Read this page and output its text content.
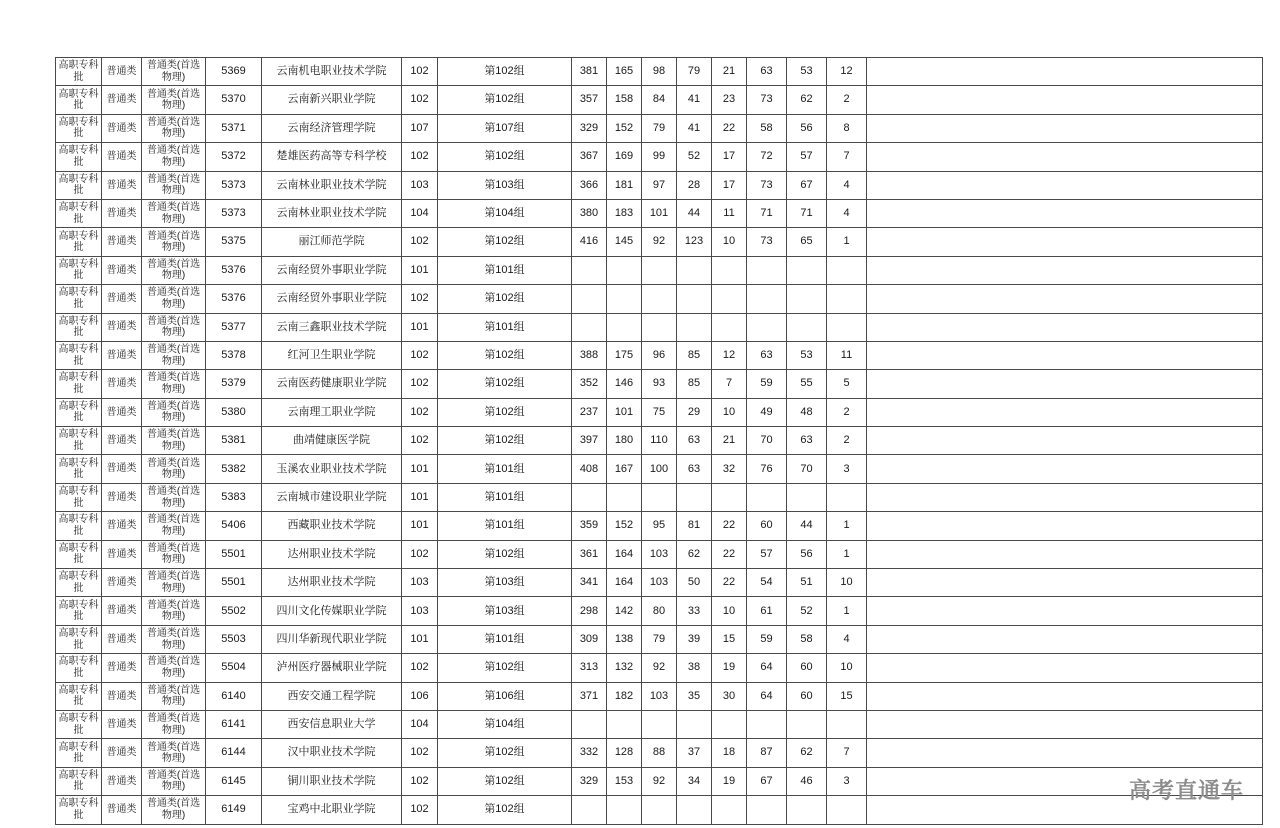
高职专科批	普通类	普通类(首选物理)	5369	云南机电职业技术学院	102	第102组	381	165	98	79	21	63	53	12	
高职专科批	普通类	普通类(首选物理)	5370	云南新兴职业学院	102	第102组	357	158	84	41	23	73	62	2	
高职专科批	普通类	普通类(首选物理)	5371	云南经济管理学院	107	第107组	329	152	79	41	22	58	56	8	
高职专科批	普通类	普通类(首选物理)	5372	楚雄医药高等专科学校	102	第102组	367	169	99	52	17	72	57	7	
高职专科批	普通类	普通类(首选物理)	5373	云南林业职业技术学院	103	第103组	366	181	97	28	17	73	67	4	
高职专科批	普通类	普通类(首选物理)	5373	云南林业职业技术学院	104	第104组	380	183	101	44	11	71	71	4	
高职专科批	普通类	普通类(首选物理)	5375	丽江师范学院	102	第102组	416	145	92	123	10	73	65	1	
高职专科批	普通类	普通类(首选物理)	5376	云南经贸外事职业学院	101	第101组									
高职专科批	普通类	普通类(首选物理)	5376	云南经贸外事职业学院	102	第102组									
高职专科批	普通类	普通类(首选物理)	5377	云南三鑫职业技术学院	101	第101组									
高职专科批	普通类	普通类(首选物理)	5378	红河卫生职业学院	102	第102组	388	175	96	85	12	63	53	11	
高职专科批	普通类	普通类(首选物理)	5379	云南医药健康职业学院	102	第102组	352	146	93	85	7	59	55	5	
高职专科批	普通类	普通类(首选物理)	5380	云南理工职业学院	102	第102组	237	101	75	29	10	49	48	2	
高职专科批	普通类	普通类(首选物理)	5381	曲靖健康医学院	102	第102组	397	180	110	63	21	70	63	2	
高职专科批	普通类	普通类(首选物理)	5382	玉溪农业职业技术学院	101	第101组	408	167	100	63	32	76	70	3	
高职专科批	普通类	普通类(首选物理)	5383	云南城市建设职业学院	101	第101组									
高职专科批	普通类	普通类(首选物理)	5406	西藏职业技术学院	101	第101组	359	152	95	81	22	60	44	1	
高职专科批	普通类	普通类(首选物理)	5501	达州职业技术学院	102	第102组	361	164	103	62	22	57	56	1	
高职专科批	普通类	普通类(首选物理)	5501	达州职业技术学院	103	第103组	341	164	103	50	22	54	51	10	
高职专科批	普通类	普通类(首选物理)	5502	四川文化传媒职业学院	103	第103组	298	142	80	33	10	61	52	1	
高职专科批	普通类	普通类(首选物理)	5503	四川华新现代职业学院	101	第101组	309	138	79	39	15	59	58	4	
高职专科批	普通类	普通类(首选物理)	5504	泸州医疗器械职业学院	102	第102组	313	132	92	38	19	64	60	10	
高职专科批	普通类	普通类(首选物理)	6140	西安交通工程学院	106	第106组	371	182	103	35	30	64	60	15	
高职专科批	普通类	普通类(首选物理)	6141	西安信息职业大学	104	第104组									
高职专科批	普通类	普通类(首选物理)	6144	汉中职业技术学院	102	第102组	332	128	88	37	18	87	62	7	
高职专科批	普通类	普通类(首选物理)	6145	铜川职业技术学院	102	第102组	329	153	92	34	19	67	46	3	
高职专科批	普通类	普通类(首选物理)	6149	宝鸡中北职业学院	102	第102组									
高考直通车
